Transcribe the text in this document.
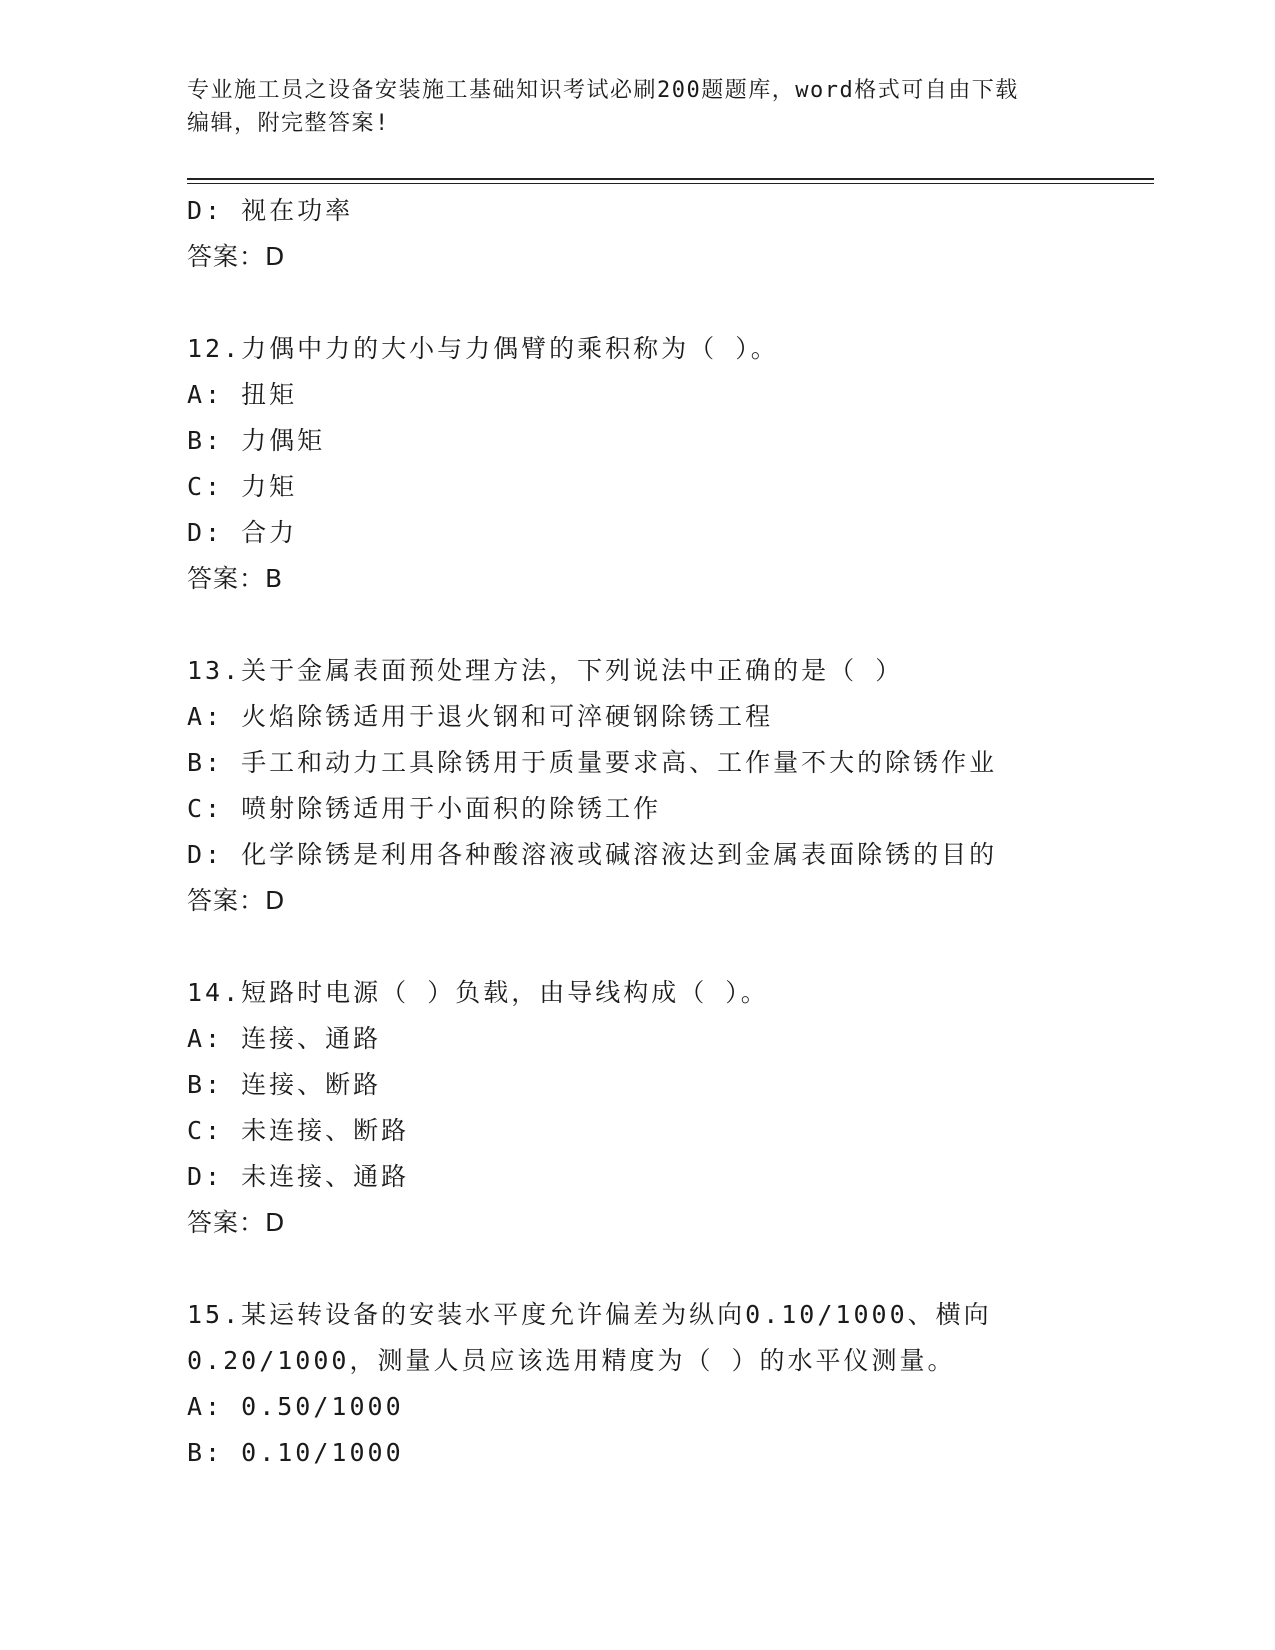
专业施工员之设备安装施工基础知识考试必刷200题题库，word格式可自由下载
编辑，附完整答案!
D: 视在功率
答案：D
12.力偶中力的大小与力偶臂的乘积称为（ ）。
A: 扭矩
B: 力偶矩
C: 力矩
D: 合力
答案：B
13.关于金属表面预处理方法，下列说法中正确的是（ ）
A: 火焰除锈适用于退火钢和可淬硬钢除锈工程
B: 手工和动力工具除锈用于质量要求高、工作量不大的除锈作业
C: 喷射除锈适用于小面积的除锈工作
D: 化学除锈是利用各种酸溶液或碱溶液达到金属表面除锈的目的
答案：D
14.短路时电源（ ）负载，由导线构成（ ）。
A: 连接、通路
B: 连接、断路
C: 未连接、断路
D: 未连接、通路
答案：D
15.某运转设备的安装水平度允许偏差为纵向0.10/1000、横向
0.20/1000，测量人员应该选用精度为（ ）的水平仪测量。
A: 0.50/1000
B: 0.10/1000
